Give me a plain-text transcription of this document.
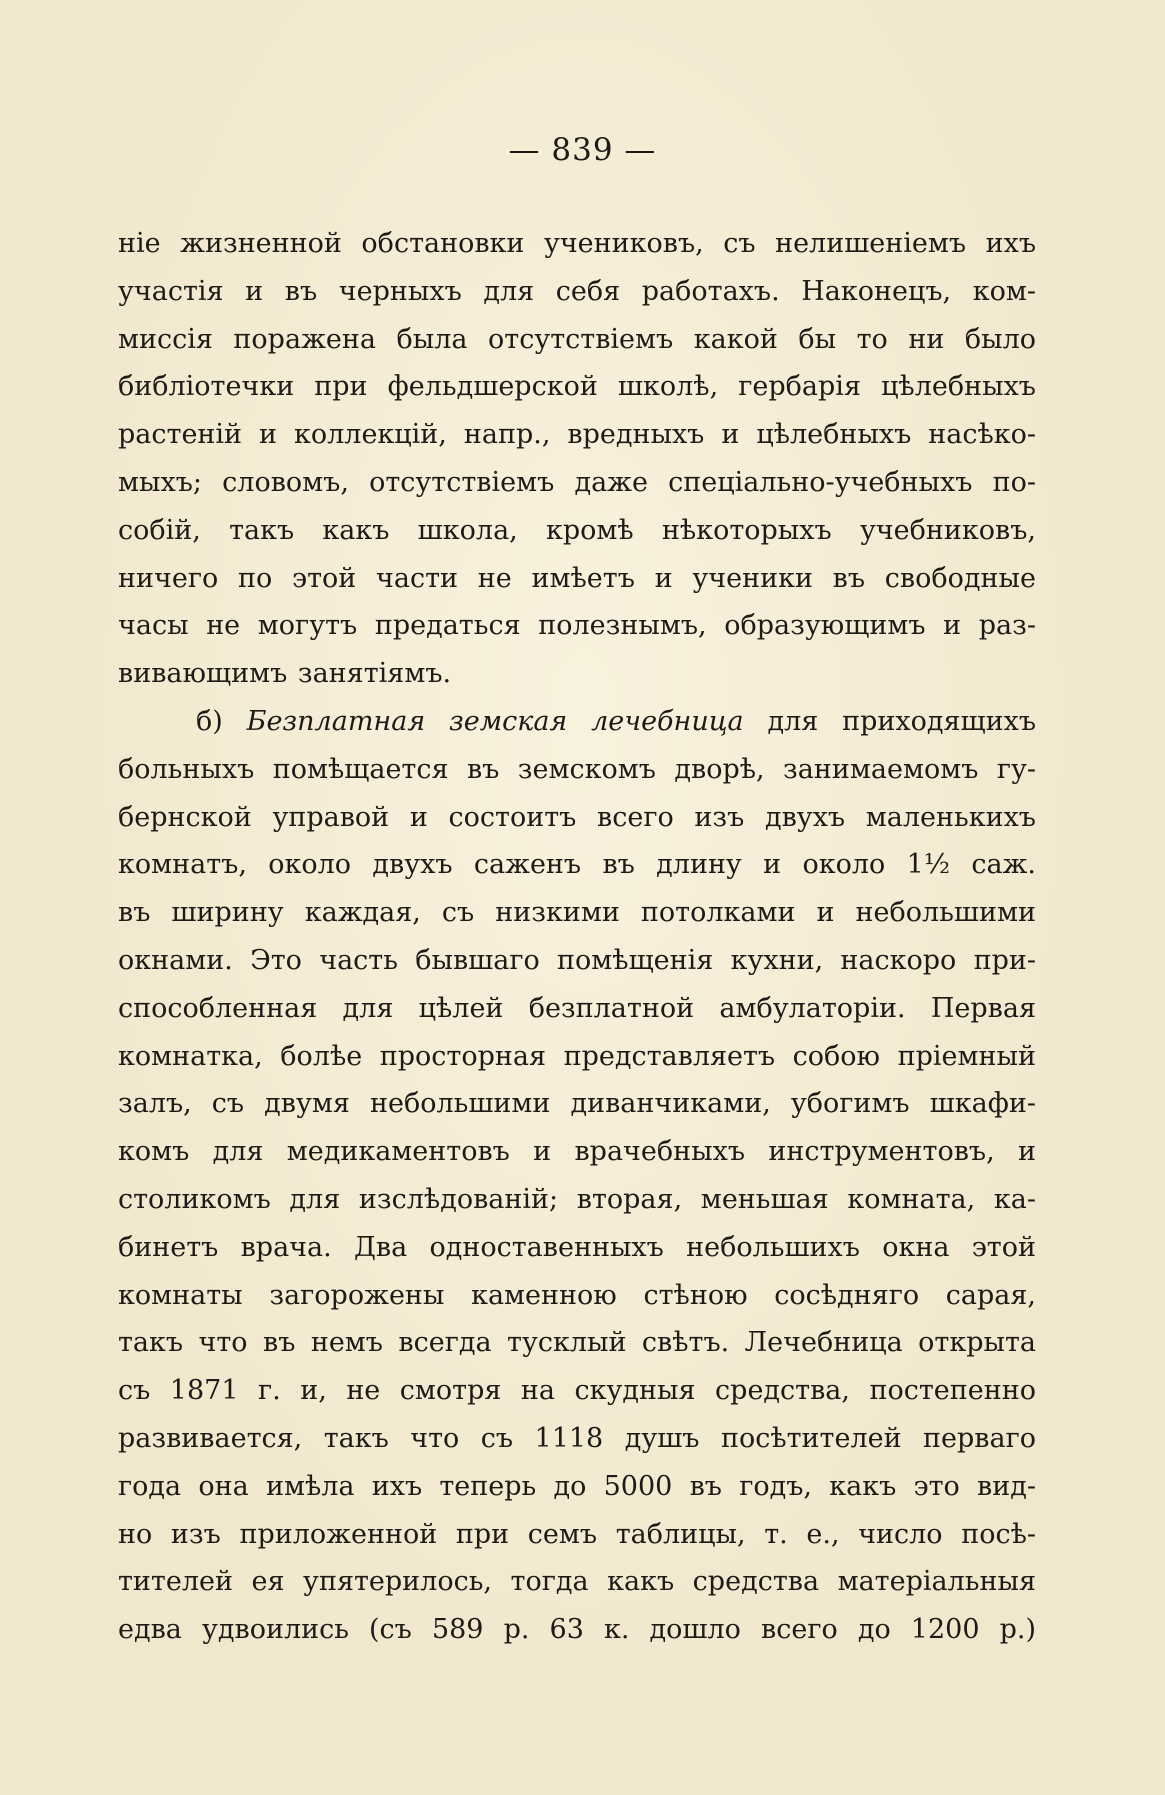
— 839 —
ніе жизненной обстановки учениковъ, съ нелишеніемъ ихъ
участія и въ черныхъ для себя работахъ. Наконецъ, ком-
миссія поражена была отсутствіемъ какой бы то ни было
библіотечки при фельдшерской школѣ, гербарія цѣлебныхъ
растеній и коллекцій, напр., вредныхъ и цѣлебныхъ насѣко-
мыхъ; словомъ, отсутствіемъ даже спеціально-учебныхъ по-
собій, такъ какъ школа, кромѣ нѣкоторыхъ учебниковъ,
ничего по этой части не имѣетъ и ученики въ свободные
часы не могутъ предаться полезнымъ, образующимъ и раз-
вивающимъ занятіямъ.
б) Безплатная земская лечебница для приходящихъ
больныхъ помѣщается въ земскомъ дворѣ, занимаемомъ гу-
бернской управой и состоитъ всего изъ двухъ маленькихъ
комнатъ, около двухъ саженъ въ длину и около 1½ саж.
въ ширину каждая, съ низкими потолками и небольшими
окнами. Это часть бывшаго помѣщенія кухни, наскоро при-
способленная для цѣлей безплатной амбулаторіи. Первая
комнатка, болѣе просторная представляетъ собою пріемный
залъ, съ двумя небольшими диванчиками, убогимъ шкафи-
комъ для медикаментовъ и врачебныхъ инструментовъ, и
столикомъ для изслѣдованій; вторая, меньшая комната, ка-
бинетъ врача. Два одноставенныхъ небольшихъ окна этой
комнаты загорожены каменною стѣною сосѣдняго сарая,
такъ что въ немъ всегда тусклый свѣтъ. Лечебница открыта
съ 1871 г. и, не смотря на скудныя средства, постепенно
развивается, такъ что съ 1118 душъ посѣтителей перваго
года она имѣла ихъ теперь до 5000 въ годъ, какъ это вид-
но изъ приложенной при семъ таблицы, т. е., число посѣ-
тителей ея упятерилось, тогда какъ средства матеріальныя
едва удвоились (съ 589 р. 63 к. дошло всего до 1200 р.)
